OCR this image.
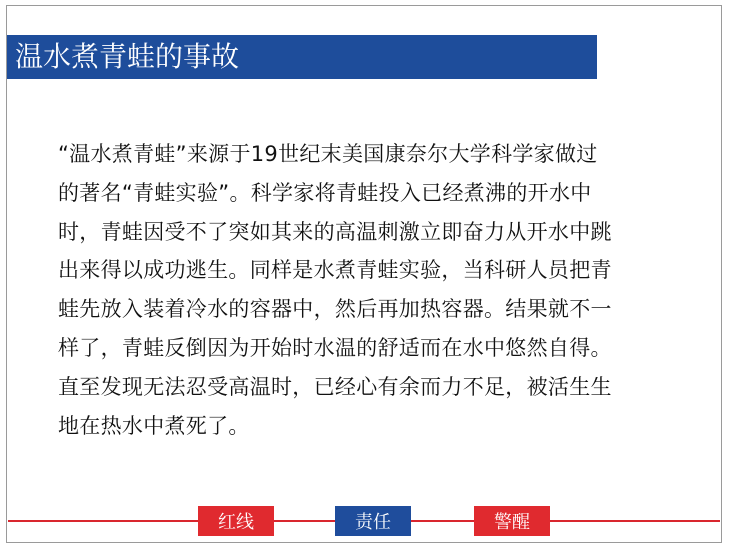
温水煮青蛙的事故

“温水煮青蛙”来源于19世纪末美国康奈尔大学科学家做过
的著名“青蛙实验”。科学家将青蛙投入已经煮沸的开水中
时，青蛙因受不了突如其来的高温刺激立即奋力从开水中跳
出来得以成功逃生。同样是水煮青蛙实验，当科研人员把青
蛙先放入装着冷水的容器中，然后再加热容器。结果就不一
样了，青蛙反倒因为开始时水温的舒适而在水中悠然自得。
直至发现无法忍受高温时，已经心有余而力不足，被活生生
地在热水中煮死了。

红线	责任	警醒
